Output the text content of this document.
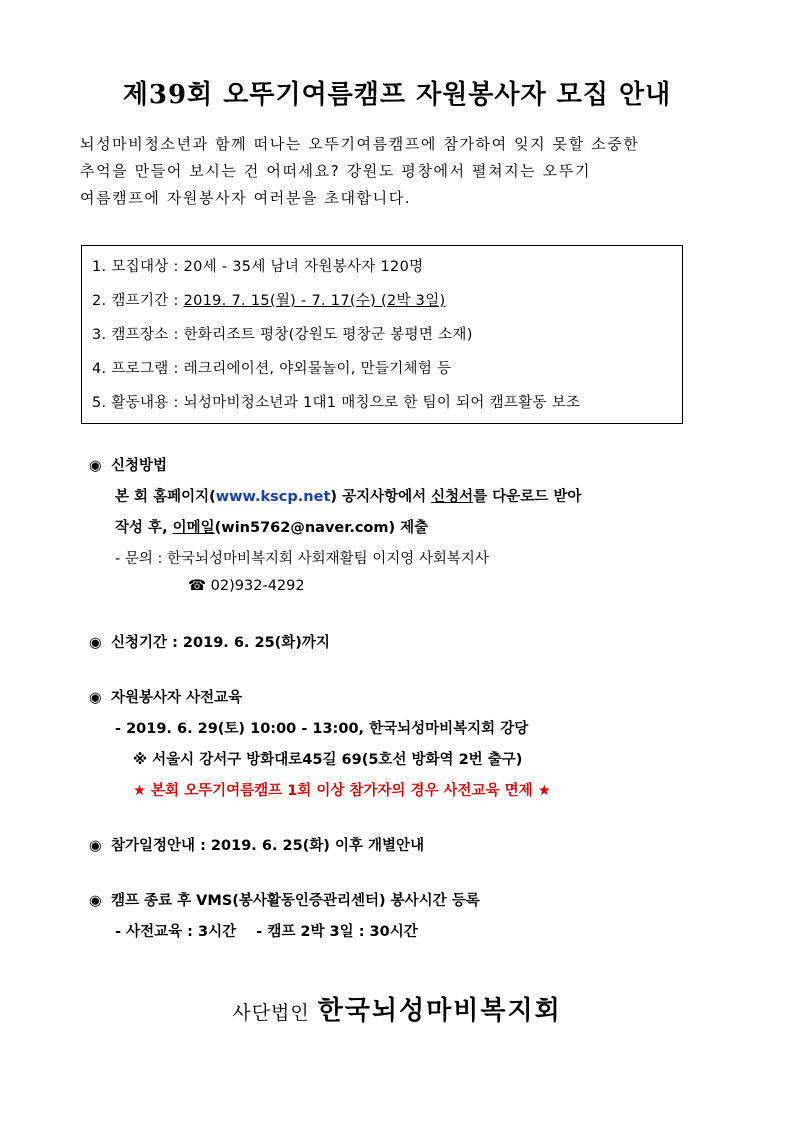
제39회 오뚜기여름캠프 자원봉사자 모집 안내
뇌성마비청소년과 함께 떠나는 오뚜기여름캠프에 참가하여 잊지 못할 소중한
추억을 만들어 보시는 건 어떠세요? 강원도 평창에서 펼쳐지는 오뚜기
여름캠프에 자원봉사자 여러분을 초대합니다.
1. 모집대상 : 20세 - 35세 남녀 자원봉사자 120명
2. 캠프기간 : 2019. 7. 15(월) - 7. 17(수) (2박 3일)
3. 캠프장소 : 한화리조트 평창(강원도 평창군 봉평면 소재)
4. 프로그램 : 레크리에이션, 야외물놀이, 만들기체험 등
5. 활동내용 : 뇌성마비청소년과 1대1 매칭으로 한 팀이 되어 캠프활동 보조
◉ 신청방법
본 회 홈페이지(www.kscp.net) 공지사항에서 신청서를 다운로드 받아
작성 후, 이메일(win5762@naver.com) 제출
- 문의 : 한국뇌성마비복지회 사회재활팀 이지영 사회복지사
☎ 02)932-4292
◉ 신청기간 : 2019. 6. 25(화)까지
◉ 자원봉사자 사전교육
- 2019. 6. 29(토) 10:00 - 13:00, 한국뇌성마비복지회 강당
※ 서울시 강서구 방화대로45길 69(5호선 방화역 2번 출구)
★ 본회 오뚜기여름캠프 1회 이상 참가자의 경우 사전교육 면제 ★
◉ 참가일정안내 : 2019. 6. 25(화) 이후 개별안내
◉ 캠프 종료 후 VMS(봉사활동인증관리센터) 봉사시간 등록
- 사전교육 : 3시간    - 캠프 2박 3일 : 30시간
사단법인 한국뇌성마비복지회
